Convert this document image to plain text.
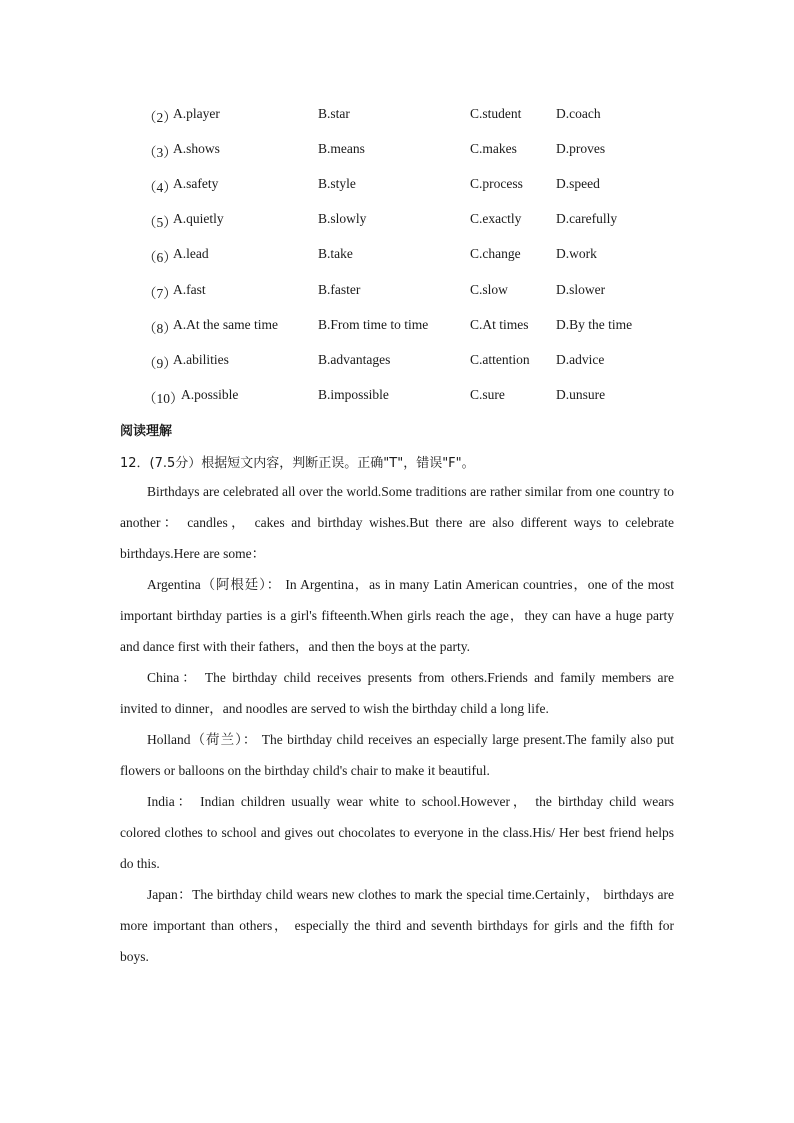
（2）
A.player	B.star	C.student	D.coach
（3）
A.shows	B.means	C.makes	D.proves
（4）
A.safety	B.style	C.process D.speed
（5）
A.quietly	B.slowly	C.exactly	D.carefully
（6）
A.lead	B.take	C.change	D.work
（7）
A.fast	B.faster	C.slow	D.slower
（8）
A.At the same time	B.From time to time	C.At times D.By the time
（9）
A.abilities	B.advantages	C.attention D.advice
（10）
A.possible	B.impossible	C.sure	D.unsure
阅读理解
12．(7.5分）根据短文内容，判断正误。正确"T"，错误"F"。

Birthdays are celebrated all over the world.Some traditions are rather similar from one country to another： candles， cakes and birthday wishes.But there are also different ways to celebrate birthdays.Here are some：

Argentina（阿根廷）： In Argentina，as in many Latin American countries，one of the most important birthday parties is a girl's fifteenth.When girls reach the age，they can have a huge party and dance first with their fathers，and then the boys at the party.

China： The birthday child receives presents from others.Friends and family members are invited to dinner，and noodles are served to wish the birthday child a long life.

Holland（荷兰）： The birthday child receives an especially large present.The family also put flowers or balloons on the birthday child's chair to make it beautiful.

India： Indian children usually wear white to school.However， the birthday child wears colored clothes to school and gives out chocolates to everyone in the class.His/ Her best friend helps do this.

Japan：The birthday child wears new clothes to mark the special time.Certainly， birthdays are more important than others， especially the third and seventh birthdays for girls and the fifth for boys.
